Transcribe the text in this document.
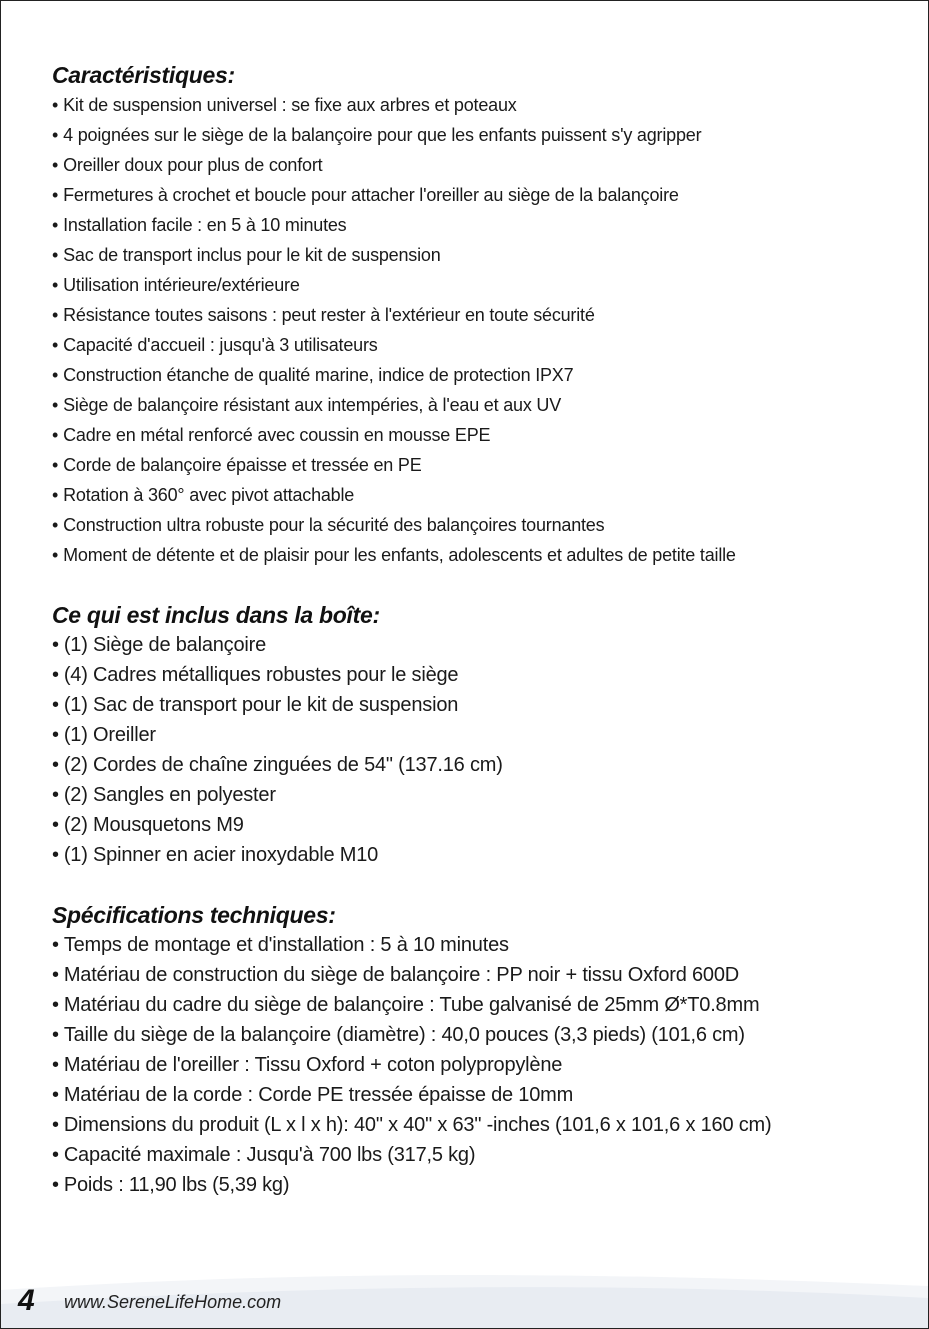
Caractéristiques:
• Kit de suspension universel : se fixe aux arbres et poteaux
• 4 poignées sur le siège de la balançoire pour que les enfants puissent s'y agripper
• Oreiller doux pour plus de confort
• Fermetures à crochet et boucle pour attacher l'oreiller au siège de la balançoire
• Installation facile : en 5 à 10 minutes
• Sac de transport inclus pour le kit de suspension
• Utilisation intérieure/extérieure
• Résistance toutes saisons : peut rester à l'extérieur en toute sécurité
• Capacité d'accueil : jusqu'à 3 utilisateurs
• Construction étanche de qualité marine, indice de protection IPX7
• Siège de balançoire résistant aux intempéries, à l'eau et aux UV
• Cadre en métal renforcé avec coussin en mousse EPE
• Corde de balançoire épaisse et tressée en PE
• Rotation à 360° avec pivot attachable
• Construction ultra robuste pour la sécurité des balançoires tournantes
• Moment de détente et de plaisir pour les enfants, adolescents et adultes de petite taille
Ce qui est inclus dans la boîte:
• (1) Siège de balançoire
• (4) Cadres métalliques robustes pour le siège
• (1) Sac de transport pour le kit de suspension
• (1) Oreiller
• (2) Cordes de chaîne zinguées de 54" (137.16 cm)
• (2) Sangles en polyester
• (2) Mousquetons M9
• (1) Spinner en acier inoxydable M10
Spécifications techniques:
• Temps de montage et d'installation : 5 à 10 minutes
• Matériau de construction du siège de balançoire : PP noir + tissu Oxford 600D
• Matériau du cadre du siège de balançoire : Tube galvanisé de 25mm Ø*T0.8mm
• Taille du siège de la balançoire (diamètre) : 40,0 pouces (3,3 pieds) (101,6 cm)
• Matériau de l'oreiller : Tissu Oxford + coton polypropylène
• Matériau de la corde : Corde PE tressée épaisse de 10mm
• Dimensions du produit (L x l x h): 40" x 40" x 63" -inches (101,6 x 101,6 x 160 cm)
• Capacité maximale : Jusqu'à 700 lbs (317,5 kg)
• Poids : 11,90 lbs (5,39 kg)
4 www.SereneLifeHome.com
